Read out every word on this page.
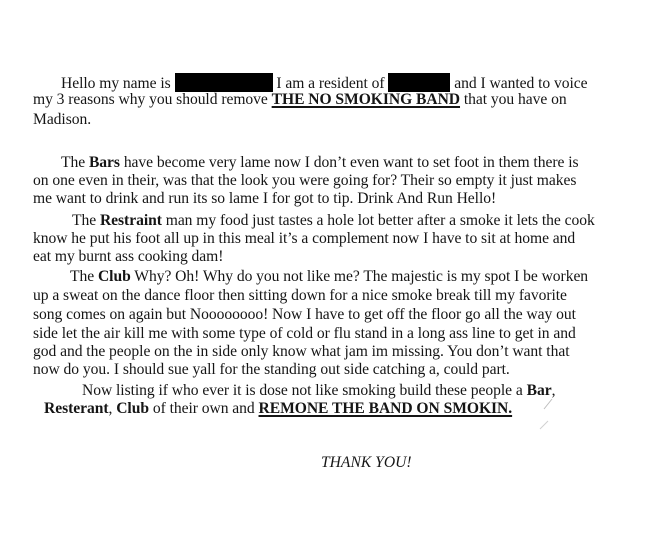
Hello my name is	I am a resident of	and I wanted to voice
my 3 reasons why you should remove THE NO SMOKING BAND that you have on
Madison.
The Bars have become very lame now I don’t even want to set foot in them there is
on one even in their, was that the look you were going for? Their so empty it just makes
me want to drink and run its so lame I for got to tip. Drink And Run Hello!
The Restraint man my food just tastes a hole lot better after a smoke it lets the cook
know he put his foot all up in this meal it’s a complement now I have to sit at home and
eat my burnt ass cooking dam!
The Club Why? Oh! Why do you not like me? The majestic is my spot I be worken
up a sweat on the dance floor then sitting down for a nice smoke break till my favorite
song comes on again but Noooooooo! Now I have to get off the floor go all the way out
side let the air kill me with some type of cold or flu stand in a long ass line to get in and
god and the people on the in side only know what jam im missing. You don’t want that
now do you. I should sue yall for the standing out side catching a, could part.
Now listing if who ever it is dose not like smoking build these people a Bar,
Resterant, Club of their own and REMONE THE BAND ON SMOKIN.
THANK YOU!
